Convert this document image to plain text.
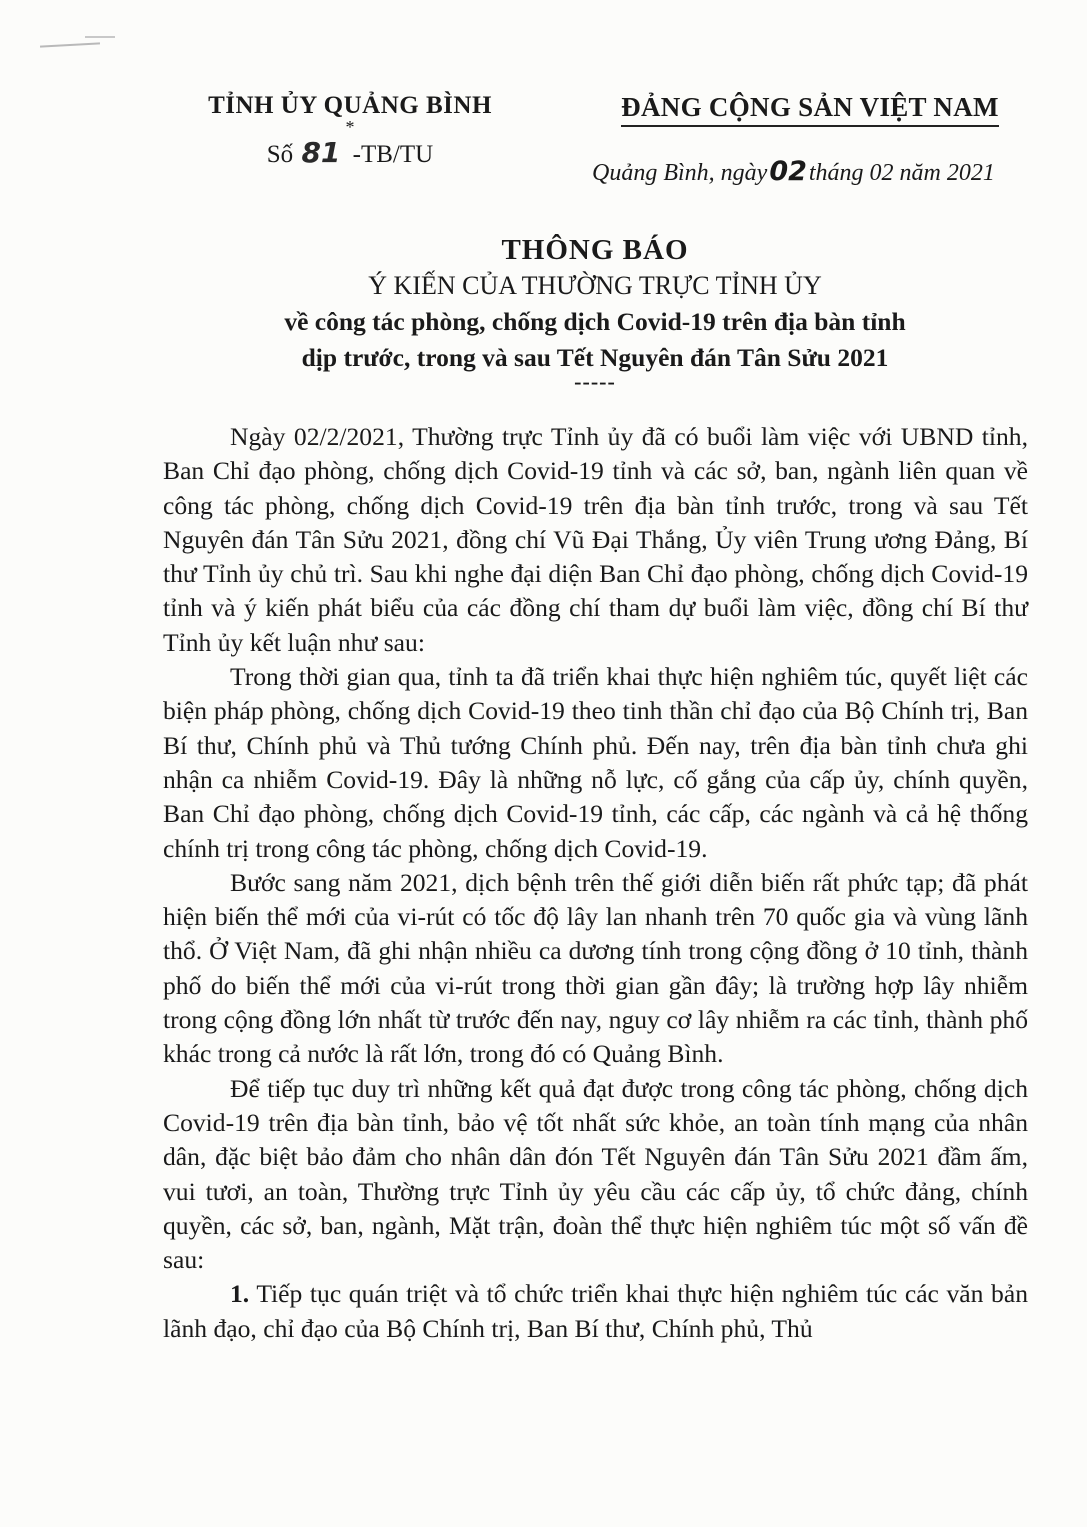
TỈNH ỦY QUẢNG BÌNH
*
Số 81 -TB/TU
ĐẢNG CỘNG SẢN VIỆT NAM
Quảng Bình, ngày02tháng 02 năm 2021
THÔNG BÁO
Ý KIẾN CỦA THƯỜNG TRỰC TỈNH ỦY
về công tác phòng, chống dịch Covid-19 trên địa bàn tỉnh
dịp trước, trong và sau Tết Nguyên đán Tân Sửu 2021
-----

Ngày 02/2/2021, Thường trực Tỉnh ủy đã có buổi làm việc với UBND tỉnh, Ban Chỉ đạo phòng, chống dịch Covid-19 tỉnh và các sở, ban, ngành liên quan về công tác phòng, chống dịch Covid-19 trên địa bàn tỉnh trước, trong và sau Tết Nguyên đán Tân Sửu 2021, đồng chí Vũ Đại Thắng, Ủy viên Trung ương Đảng, Bí thư Tỉnh ủy chủ trì. Sau khi nghe đại diện Ban Chỉ đạo phòng, chống dịch Covid-19 tỉnh và ý kiến phát biểu của các đồng chí tham dự buổi làm việc, đồng chí Bí thư Tỉnh ủy kết luận như sau:

Trong thời gian qua, tỉnh ta đã triển khai thực hiện nghiêm túc, quyết liệt các biện pháp phòng, chống dịch Covid-19 theo tinh thần chỉ đạo của Bộ Chính trị, Ban Bí thư, Chính phủ và Thủ tướng Chính phủ. Đến nay, trên địa bàn tỉnh chưa ghi nhận ca nhiễm Covid-19. Đây là những nỗ lực, cố gắng của cấp ủy, chính quyền, Ban Chỉ đạo phòng, chống dịch Covid-19 tỉnh, các cấp, các ngành và cả hệ thống chính trị trong công tác phòng, chống dịch Covid-19.

Bước sang năm 2021, dịch bệnh trên thế giới diễn biến rất phức tạp; đã phát hiện biến thể mới của vi-rút có tốc độ lây lan nhanh trên 70 quốc gia và vùng lãnh thổ. Ở Việt Nam, đã ghi nhận nhiều ca dương tính trong cộng đồng ở 10 tỉnh, thành phố do biến thể mới của vi-rút trong thời gian gần đây; là trường hợp lây nhiễm trong cộng đồng lớn nhất từ trước đến nay, nguy cơ lây nhiễm ra các tỉnh, thành phố khác trong cả nước là rất lớn, trong đó có Quảng Bình.

Để tiếp tục duy trì những kết quả đạt được trong công tác phòng, chống dịch Covid-19 trên địa bàn tỉnh, bảo vệ tốt nhất sức khỏe, an toàn tính mạng của nhân dân, đặc biệt bảo đảm cho nhân dân đón Tết Nguyên đán Tân Sửu 2021 đầm ấm, vui tươi, an toàn, Thường trực Tỉnh ủy yêu cầu các cấp ủy, tổ chức đảng, chính quyền, các sở, ban, ngành, Mặt trận, đoàn thể thực hiện nghiêm túc một số vấn đề sau:

1. Tiếp tục quán triệt và tổ chức triển khai thực hiện nghiêm túc các văn bản lãnh đạo, chỉ đạo của Bộ Chính trị, Ban Bí thư, Chính phủ, Thủ
